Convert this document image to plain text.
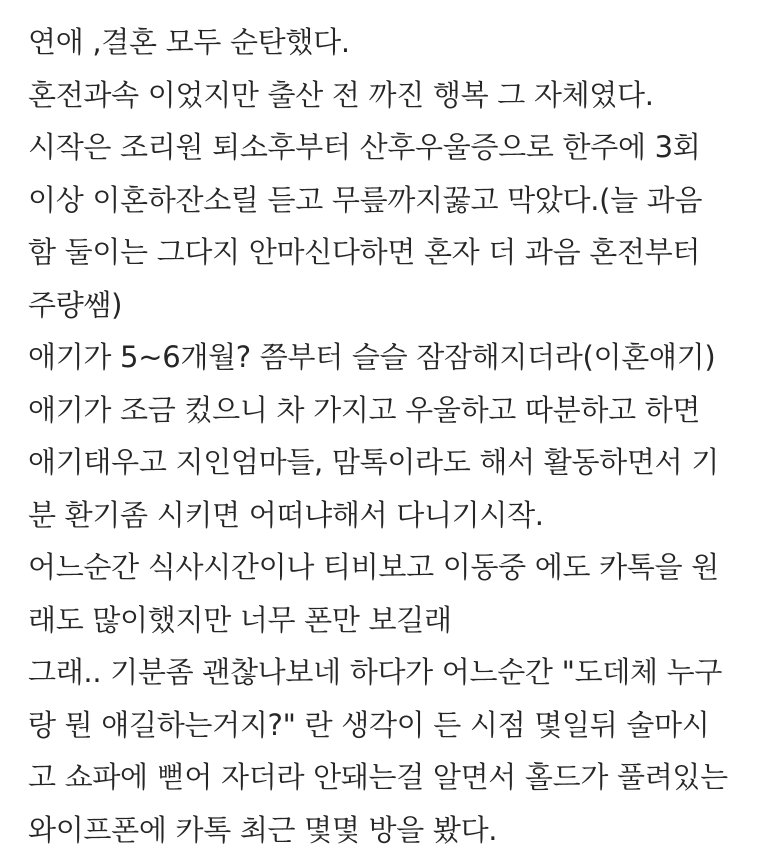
연애 ,결혼 모두 순탄했다.
혼전과속 이었지만 출산 전 까진 행복 그 자체였다.
시작은 조리원 퇴소후부터 산후우울증으로 한주에 3회
이상 이혼하잔소릴 듣고 무릎까지꿇고 막았다.(늘 과음
함 둘이는 그다지 안마신다하면 혼자 더 과음 혼전부터
주량쌤)
애기가 5~6개월? 쯤부터 슬슬 잠잠해지더라(이혼얘기)
애기가 조금 컸으니 차 가지고 우울하고 따분하고 하면
애기태우고 지인엄마들, 맘톡이라도 해서 활동하면서 기
분 환기좀 시키면 어떠냐해서 다니기시작.
어느순간 식사시간이나 티비보고 이동중 에도 카톡을 원
래도 많이했지만 너무 폰만 보길래
그래.. 기분좀 괜찮나보네 하다가 어느순간 "도데체 누구
랑 뭔 얘길하는거지?" 란 생각이 든 시점 몇일뒤 술마시
고 쇼파에 뻗어 자더라 안돼는걸 알면서 홀드가 풀려있는
와이프폰에 카톡 최근 몇몇 방을 봤다.
